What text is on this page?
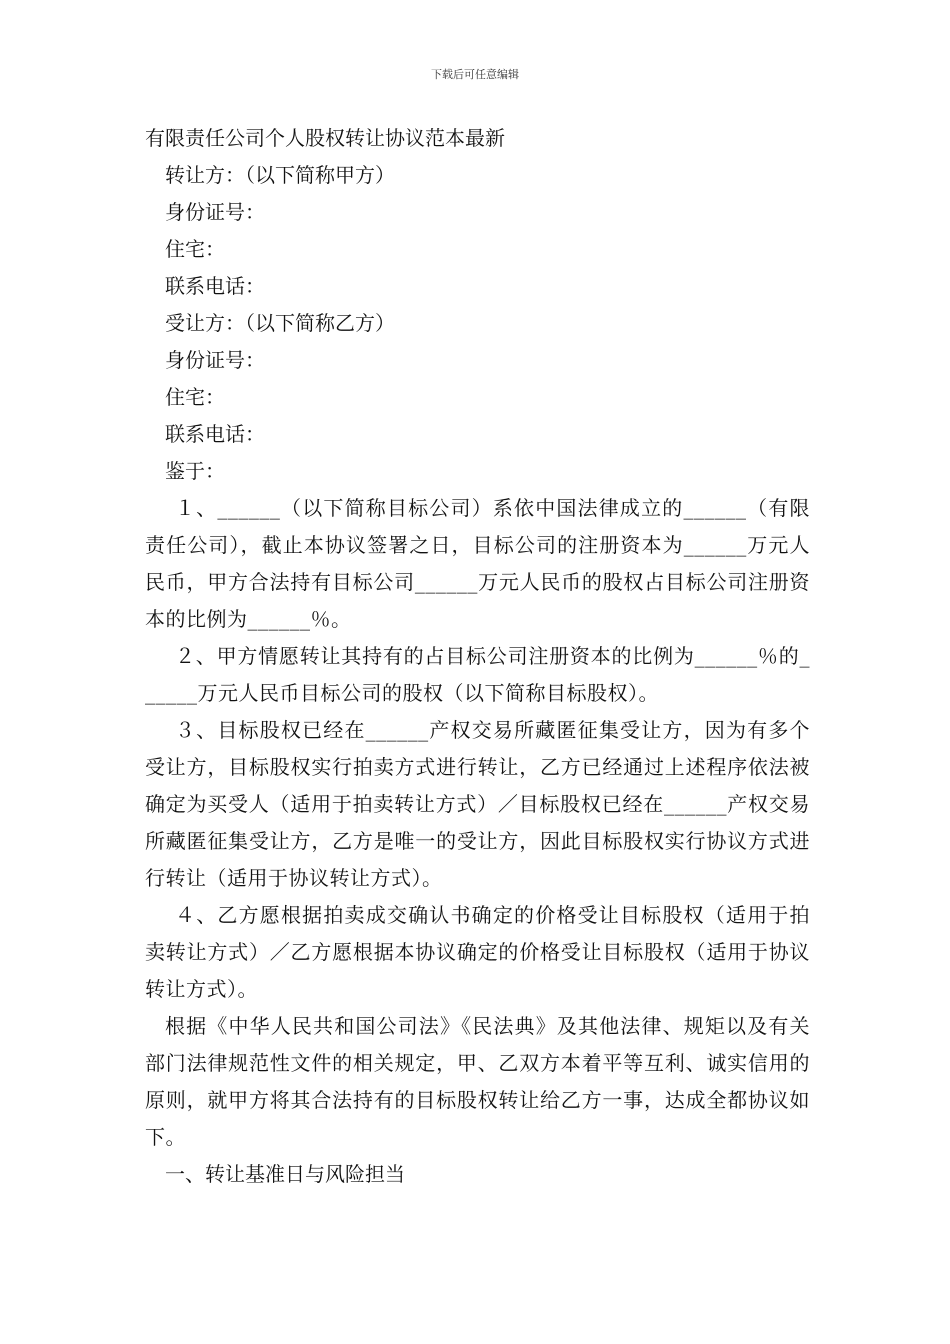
下载后可任意编辑

有限责任公司个人股权转让协议范本最新

转让方：（以下简称甲方）

身份证号：

住宅：

联系电话：

受让方：（以下简称乙方）

身份证号：

住宅：

联系电话：

鉴于：

１、______（以下简称目标公司）系依中国法律成立的______（有限责任公司），截止本协议签署之日，目标公司的注册资本为______万元人民币，甲方合法持有目标公司______万元人民币的股权占目标公司注册资本的比例为______％。

２、甲方情愿转让其持有的占目标公司注册资本的比例为______％的______万元人民币目标公司的股权（以下简称目标股权）。

３、目标股权已经在______产权交易所藏匿征集受让方，因为有多个受让方，目标股权实行拍卖方式进行转让，乙方已经通过上述程序依法被确定为买受人（适用于拍卖转让方式）／目标股权已经在______产权交易所藏匿征集受让方，乙方是唯一的受让方，因此目标股权实行协议方式进行转让（适用于协议转让方式）。

４、乙方愿根据拍卖成交确认书确定的价格受让目标股权（适用于拍卖转让方式）／乙方愿根据本协议确定的价格受让目标股权（适用于协议转让方式）。

根据《中华人民共和国公司法》《民法典》及其他法律、规矩以及有关部门法律规范性文件的相关规定，甲、乙双方本着平等互利、诚实信用的原则，就甲方将其合法持有的目标股权转让给乙方一事，达成全都协议如下。

一、转让基准日与风险担当
